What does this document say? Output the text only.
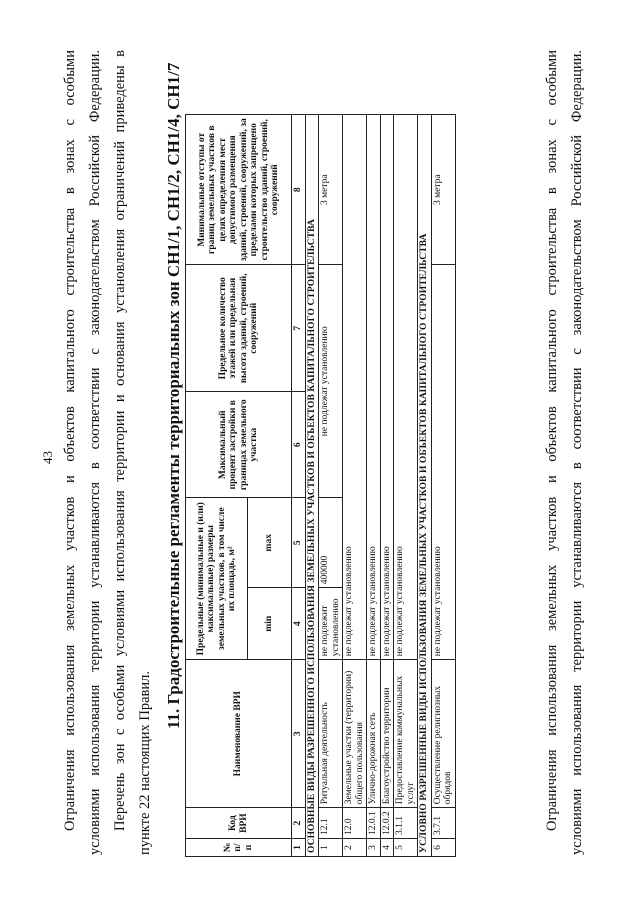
43 Ограничения использования земельных участков и объектов капитального строительства в зонах с особыми условиями использования территории устанавливаются в соответствии с законодательством Российской Федерации. Перечень зон с особыми условиями использования территории и основания установления ограничений приведены в пункте 22 настоящих Правил.
11. Градостроительные регламенты территориальных зон СН1/1, СН1/2, СН1/4, СН1/7
№ п/п	Код ВРИ	Наименование ВРИ	Предельные (минимальные и (или) максимальные) размеры земельных участков, в том числе их площадь, м²		Максимальный процент застройки в границах земельного участка	Предельное количество этажей или предельная высота зданий, строений, сооружений	Минимальные отступы от границ земельных участков в целях определения мест допустимого размещения зданий, строений, сооружений, за пределами которых запрещено строительство зданий, строений, сооружений
			min	max			
1	2	3	4	5	6	7	8
ОСНОВНЫЕ ВИДЫ РАЗРЕШЕННОГО ИСПОЛЬЗОВАНИЯ ЗЕМЕЛЬНЫХ УЧАСТКОВ И ОБЪЕКТОВ КАПИТАЛЬНОГО СТРОИТЕЛЬСТВА							
1	12.1	Ритуальная деятельность	не подлежит установлению	400000	не подлежат установлению		3 метра
2	12.0	Земельные участки (территории) общего пользования	не подлежат установлению				
3	12.0.1	Улично-дорожная сеть	не подлежат установлению				
4	12.0.2	Благоустройство территории	не подлежат установлению				
5	3.1.1	Предоставление коммунальных услуг	не подлежат установлению				
УСЛОВНО РАЗРЕШЕННЫЕ ВИДЫ ИСПОЛЬЗОВАНИЯ ЗЕМЕЛЬНЫХ УЧАСТКОВ И ОБЪЕКТОВ КАПИТАЛЬНОГО СТРОИТЕЛЬСТВА							
6	3.7.1	Осуществление религиозных обрядов	не подлежат установлению				3 метра	Ограничения использования земельных участков и объектов капитального строительства в зонах с особыми условиями использования территории устанавливаются в соответствии с законодательством Российской Федерации.
